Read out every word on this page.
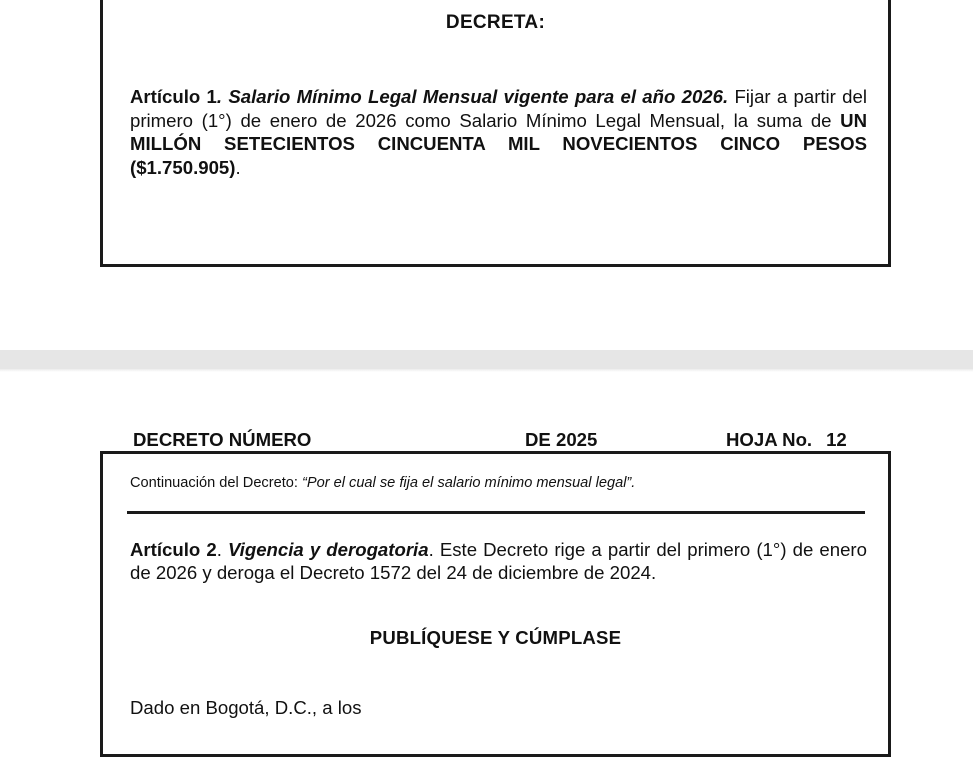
DECRETA:
Artículo 1. Salario Mínimo Legal Mensual vigente para el año 2026. Fijar a partir del primero (1°) de enero de 2026 como Salario Mínimo Legal Mensual, la suma de UN MILLÓN SETECIENTOS CINCUENTA MIL NOVECIENTOS CINCO PESOS ($1.750.905).
DECRETO NÚMERO	DE 2025	HOJA No. 12
Continuación del Decreto: “Por el cual se fija el salario mínimo mensual legal”.
Artículo 2. Vigencia y derogatoria. Este Decreto rige a partir del primero (1°) de enero de 2026 y deroga el Decreto 1572 del 24 de diciembre de 2024.
PUBLÍQUESE Y CÚMPLASE
Dado en Bogotá, D.C., a los
